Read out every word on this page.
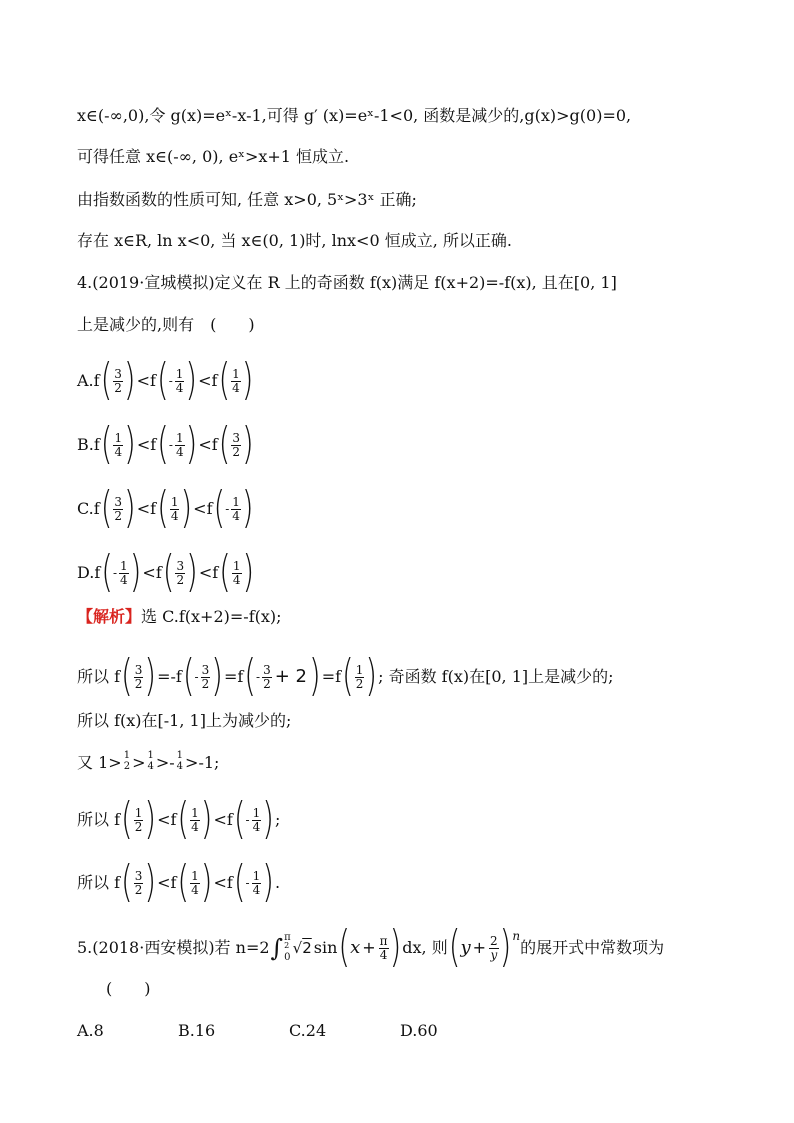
x∈(-∞,0),令 g(x)=eˣ-x-1,可得 g′ (x)=eˣ-1<0, 函数是减少的,g(x)>g(0)=0,
可得任意 x∈(-∞, 0), eˣ>x+1 恒成立.
由指数函数的性质可知, 任意 x>0, 5ˣ>3ˣ 正确;
存在 x∈R, ln x<0, 当 x∈(0, 1)时, lnx<0 恒成立, 所以正确.
4.(2019·宣城模拟)定义在 R 上的奇函数 f(x)满足 f(x+2)=-f(x), 且在[0, 1]
上是减少的,则有　(　　)
A.f ( $\frac{3}{2}$ ) <f ( - $\frac{1}{4}$ ) <f ( $\frac{1}{4}$ )
B.f ( $\frac{1}{4}$ ) <f ( - $\frac{1}{4}$ ) <f ( $\frac{3}{2}$ )
C.f ( $\frac{3}{2}$ ) <f ( $\frac{1}{4}$ ) <f ( - $\frac{1}{4}$ )
D.f ( - $\frac{1}{4}$ ) <f ( $\frac{3}{2}$ ) <f ( $\frac{1}{4}$ )
【解析】 选 C.f(x+2)=-f(x);
所以 f ( $\frac{3}{2}$ ) =-f ( - $\frac{3}{2}$ ) =f ( - $\frac{3}{2} + 2$ ) =f ( $\frac{1}{2}$ ) ; 奇函数 f(x)在[0, 1]上是减少的;
所以 f(x)在[-1, 1]上为减少的;
又 1> 1
2 > 1
4 >- 1
4 >-1;
所以 f ( $\frac{1}{2}$ ) <f ( $\frac{1}{4}$ ) <f ( - $\frac{1}{4}$ ) ;
所以 f ( $\frac{3}{2}$ ) <f ( $\frac{1}{4}$ ) <f ( - $\frac{1}{4}$ ) .
5.(2018·西安模拟)若 n=2 ∫ π
2
0
√2 sin ( $x + \frac{\pi}{4}$ ) dx, 则 ( $y + \frac{2}{y}$ ) n
的展开式中常数项为
(　　)
A.8	B.16	C.24	D.60
